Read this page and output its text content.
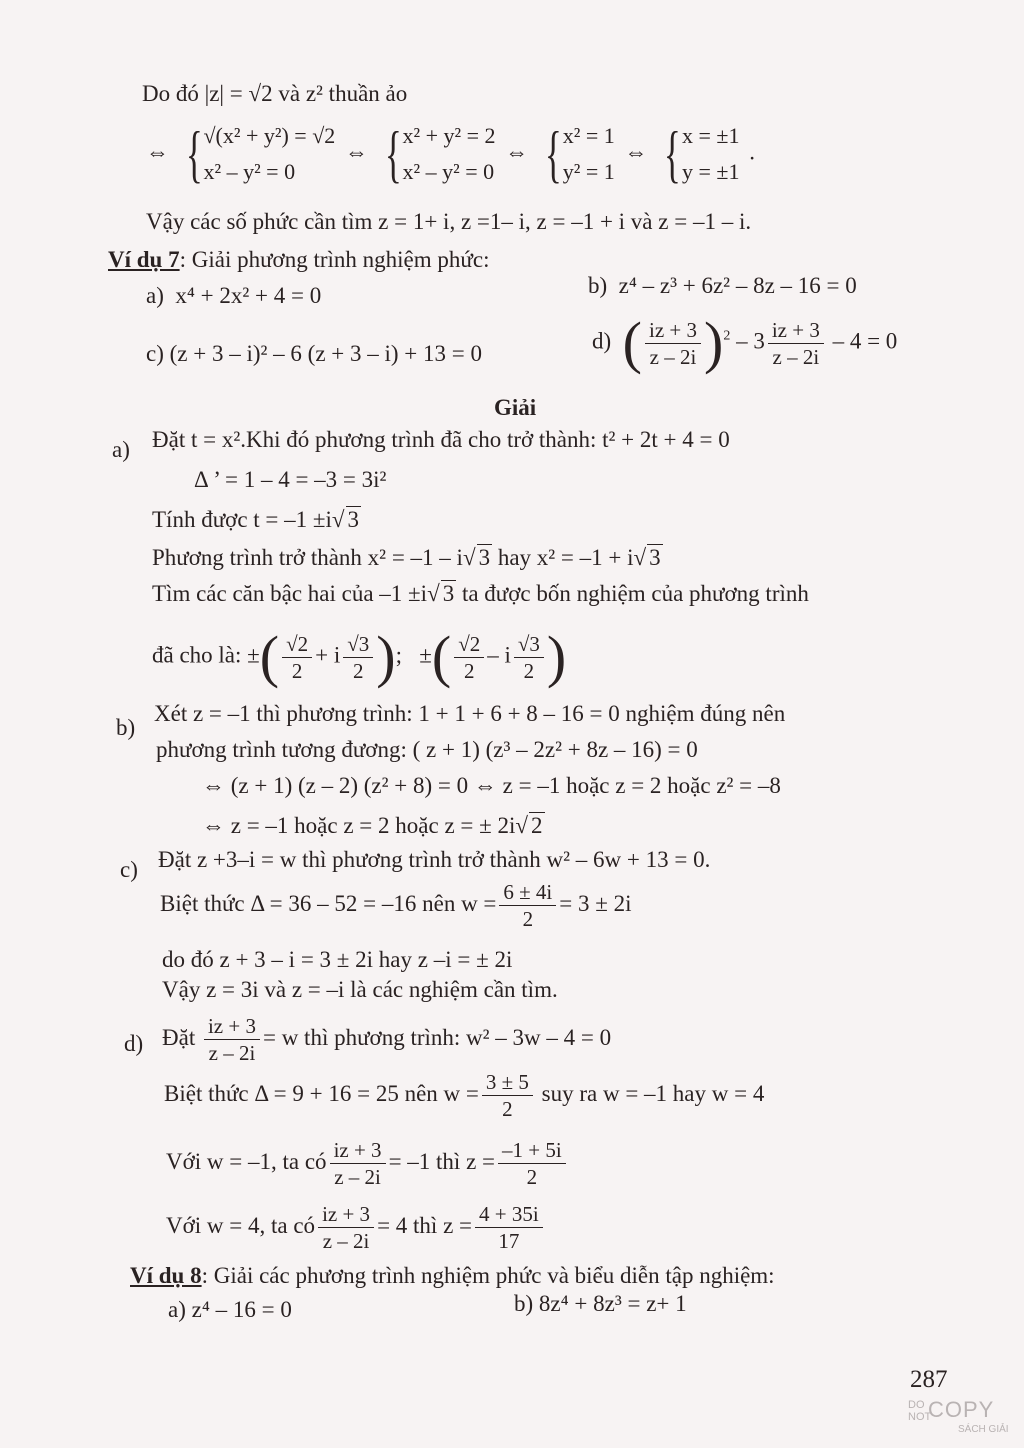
Do đó |z| = √2 và z² thuần ảo
⇔ { √(x² + y²) = √2
x² – y² = 0
⇔ { x² + y² = 2
x² – y² = 0
⇔ { x² = 1
y² = 1
⇔ { x = ±1
y = ±1
.
Vậy các số phức cần tìm z = 1+ i, z =1– i, z = –1 + i và z = –1 – i.
Ví dụ 7: Giải phương trình nghiệm phức:
a) x⁴ + 2x² + 4 = 0	b) z⁴ – z³ + 6z² – 8z – 16 = 0
c) (z + 3 – i)² – 6 (z + 3 – i) + 13 = 0
d) ( $\frac{iz + 3}{z - 2i} )^2 - 3 \frac{iz + 3}{z - 2i} - 4 = 0$
Giải
a) Đặt t = x².Khi đó phương trình đã cho trở thành: t² + 2t + 4 = 0
Δ ’ = 1 – 4 = –3 = 3i²
Tính được t = –1 ±i√ 3
Phương trình trở thành x² = –1 – i√ 3 hay x² = –1 + i√ 3
Tìm các căn bậc hai của –1 ±i√ 3 ta được bốn nghiệm của phương trình
đã cho là: ±( $\frac{√2}{2} + i \frac{√3}{2}$ ); ±( $\frac{√2}{2}$ – i $\frac{√3}{2}$ )
b)
Xét z = –1 thì phương trình: 1 + 1 + 6 + 8 – 16 = 0 nghiệm đúng nên
phương trình tương đương: ( z + 1) (z³ – 2z² + 8z – 16) = 0
⇔ (z + 1) (z – 2) (z² + 8) = 0 ⇔ z = –1 hoặc z = 2 hoặc z² = –8
⇔ z = –1 hoặc z = 2 hoặc z = ± 2i√ 2
c) Đặt z +3–i = w thì phương trình trở thành w² – 6w + 13 = 0.
Biệt thức Δ = 36 – 52 = –16 nên $w = \frac{6 \pm 4i}{2} = 3 \pm 2i$
do đó z + 3 – i = 3 ± 2i hay z –i = ± 2i
Vậy z = 3i và z = –i là các nghiệm cần tìm.
d) Đặt $\frac{iz + 3}{z - 2i} = w$ thì phương trình: w² – 3w – 4 = 0
Biệt thức Δ = 9 + 16 = 25 nên $w = \frac{3 \pm 5}{2}$ suy ra w = –1 hay w = 4
Với w = –1, ta có $\frac{iz + 3}{z - 2i} = -1$ thì $z = \frac{-1 + 5i}{2}$
Với w = 4, ta có $\frac{iz + 3}{z - 2i} = 4$ thì $z = \frac{4 + 35i}{17}$
Ví dụ 8: Giải các phương trình nghiệm phức và biểu diễn tập nghiệm:
a) z⁴ – 16 = 0	b) 8z⁴ + 8z³ = z+ 1
287
DO
NOT
COPY
SÁCH GIẢI
